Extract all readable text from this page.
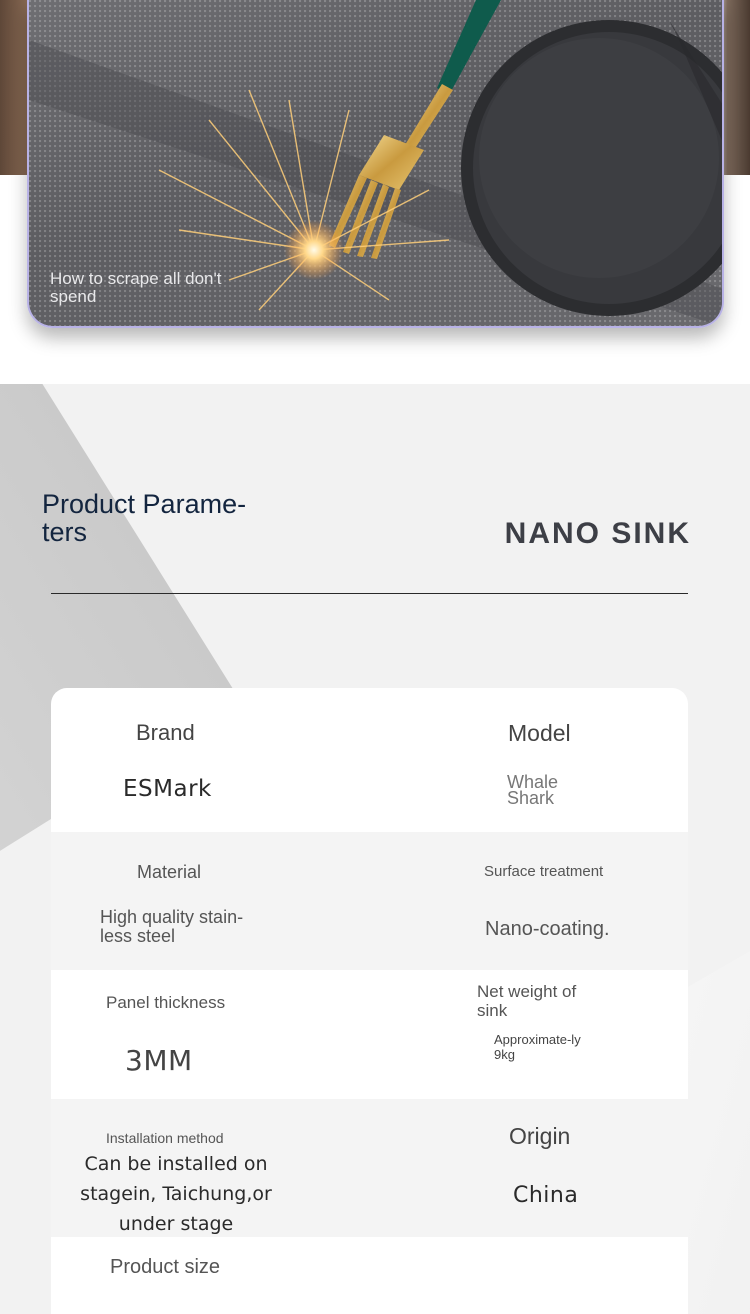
How to scrape all don't spend
Product Parame-ters	NANO SINK
Brand
ESMark
Model
Whale Shark
Material
High quality stain-less steel
Surface treatment
Nano-coating.
Panel thickness
3MM
Net weight of sink
Approximate-ly 9kg
Installation method
Can be installed on stagein, Taichung,or under stage
Origin
China
Product size
